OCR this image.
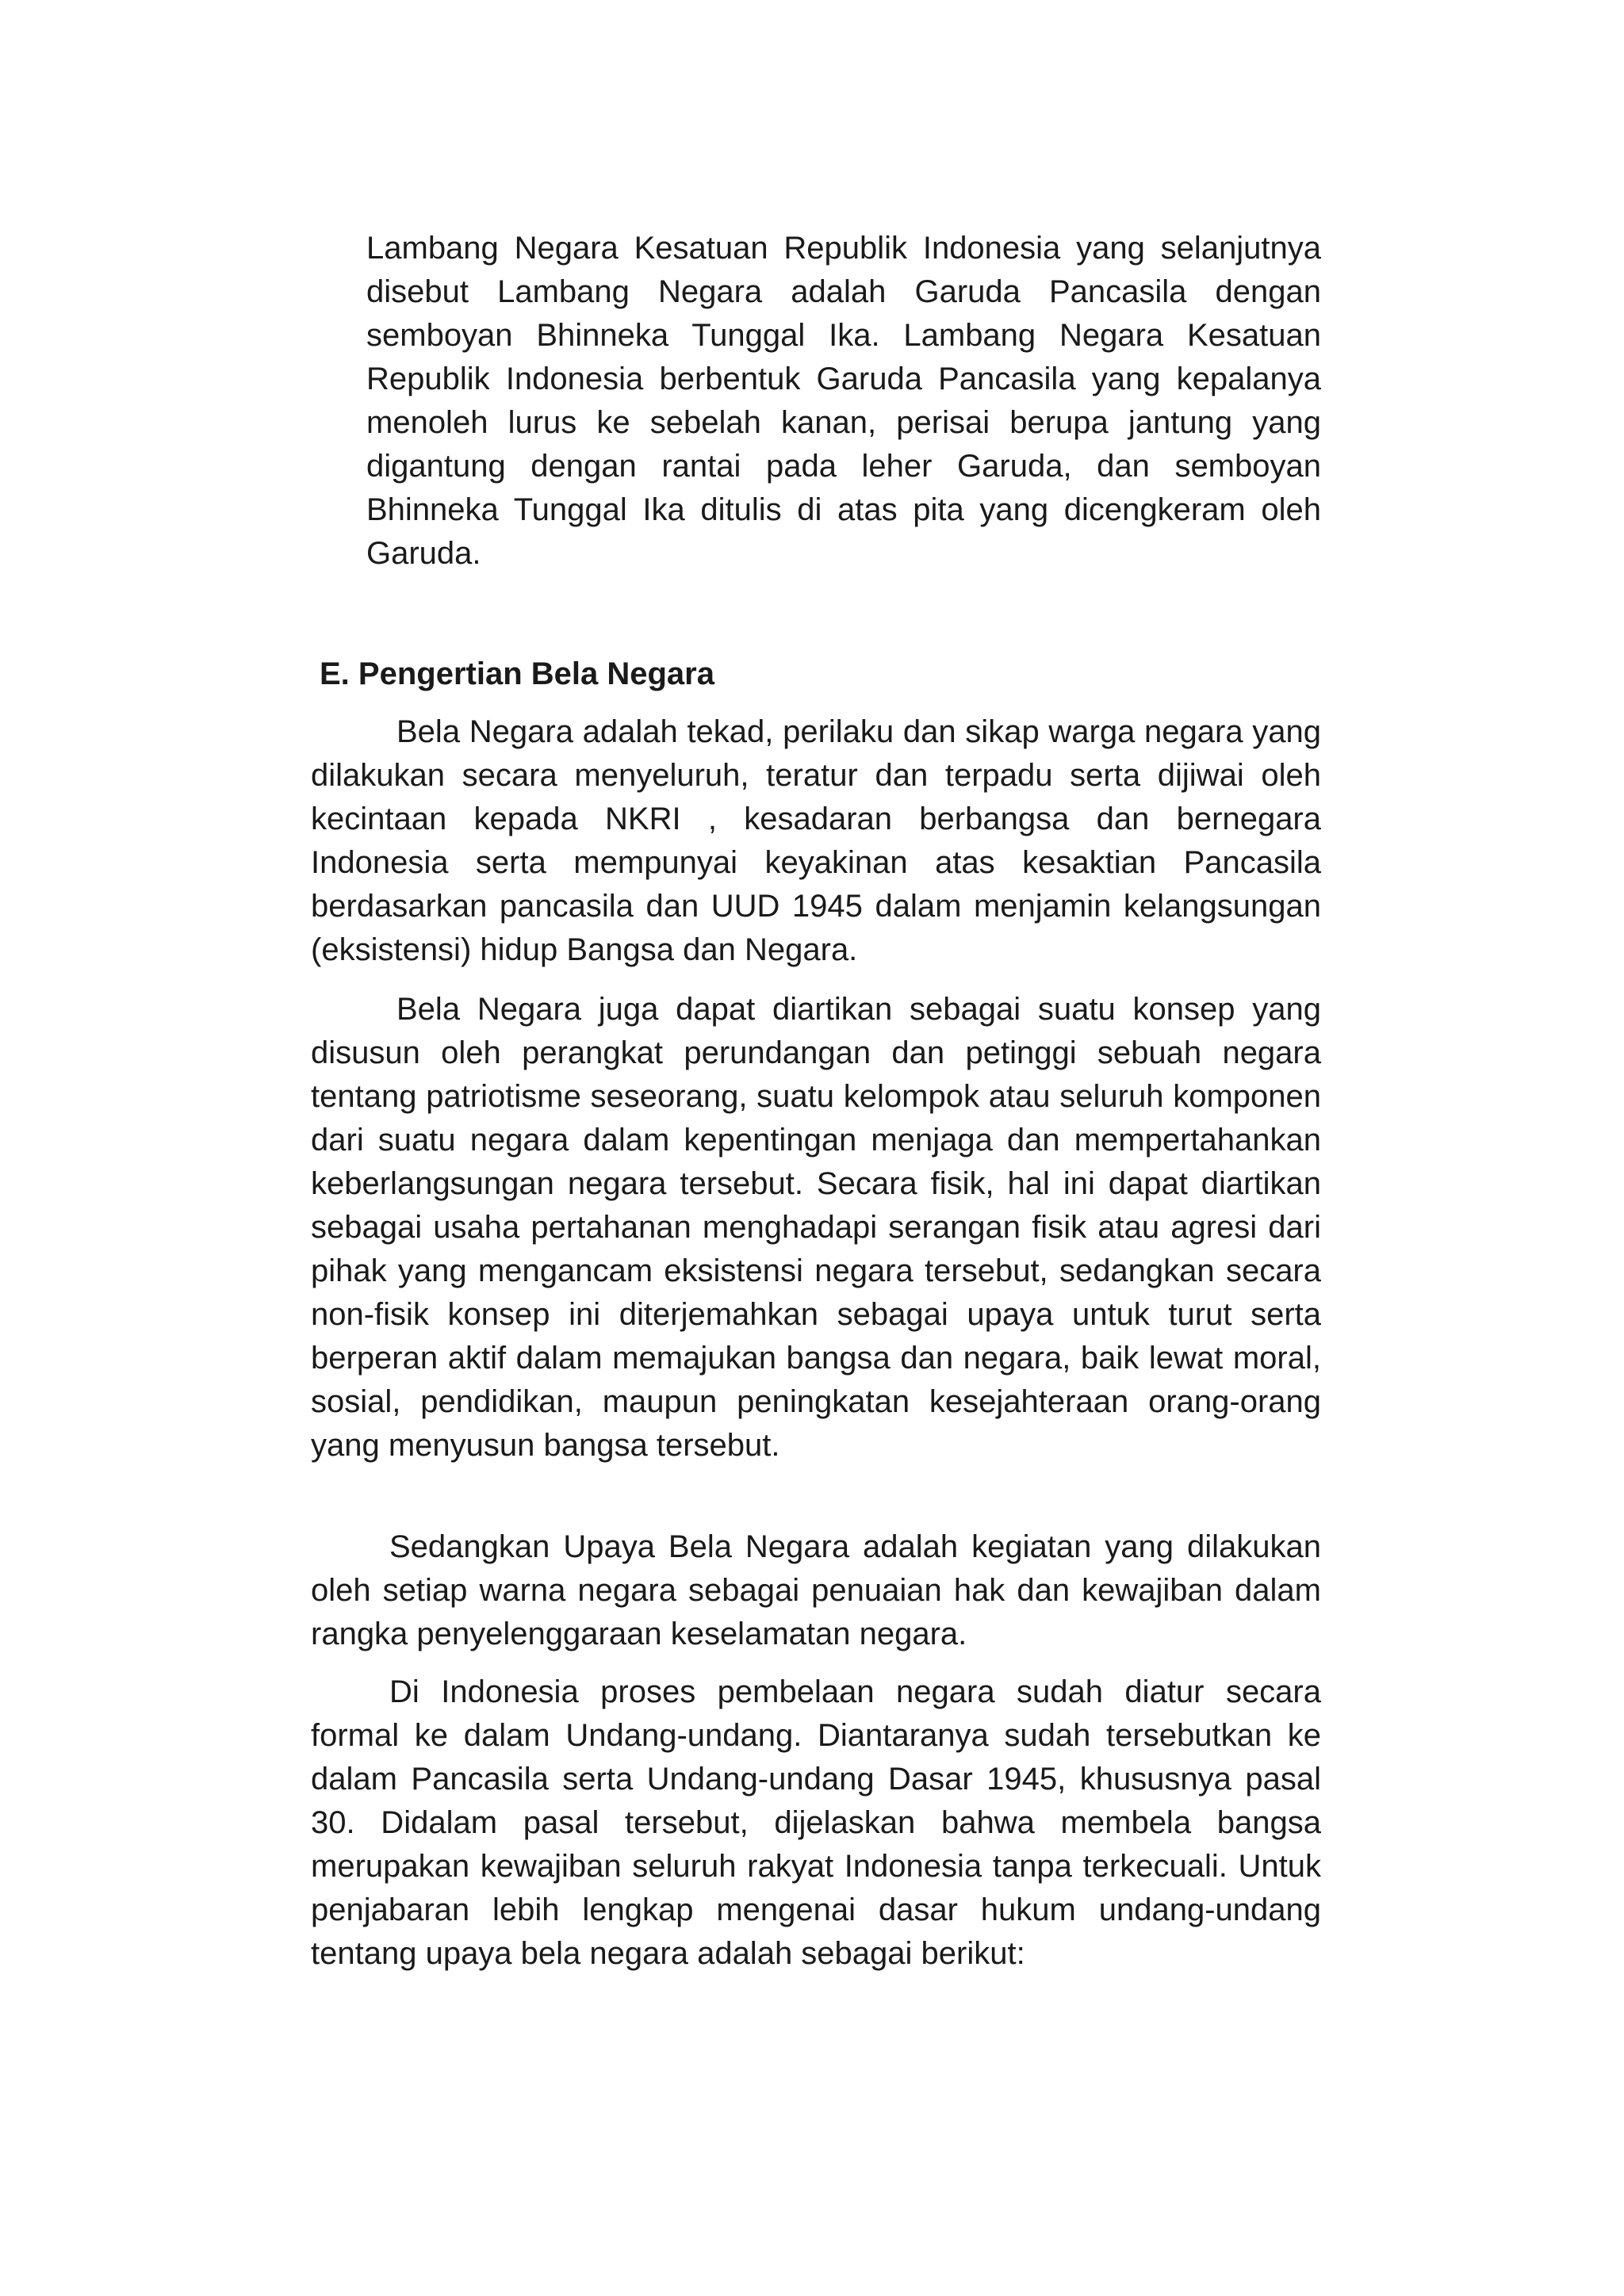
Lambang Negara Kesatuan Republik Indonesia yang selanjutnya disebut Lambang Negara adalah Garuda Pancasila dengan semboyan Bhinneka Tunggal Ika. Lambang Negara Kesatuan Republik Indonesia berbentuk Garuda Pancasila yang kepalanya menoleh lurus ke sebelah kanan, perisai berupa jantung yang digantung dengan rantai pada leher Garuda, dan semboyan Bhinneka Tunggal Ika ditulis di atas pita yang dicengkeram oleh Garuda.

E. Pengertian Bela Negara

Bela Negara adalah tekad, perilaku dan sikap warga negara yang dilakukan secara menyeluruh, teratur dan terpadu serta dijiwai oleh kecintaan kepada NKRI , kesadaran berbangsa dan bernegara Indonesia serta mempunyai keyakinan atas kesaktian Pancasila berdasarkan pancasila dan UUD 1945 dalam menjamin kelangsungan (eksistensi) hidup Bangsa dan Negara.

Bela Negara juga dapat diartikan sebagai suatu konsep yang disusun oleh perangkat perundangan dan petinggi sebuah negara tentang patriotisme seseorang, suatu kelompok atau seluruh komponen dari suatu negara dalam kepentingan menjaga dan mempertahankan keberlangsungan negara tersebut. Secara fisik, hal ini dapat diartikan sebagai usaha pertahanan menghadapi serangan fisik atau agresi dari pihak yang mengancam eksistensi negara tersebut, sedangkan secara non-fisik konsep ini diterjemahkan sebagai upaya untuk turut serta berperan aktif dalam memajukan bangsa dan negara, baik lewat moral, sosial, pendidikan, maupun peningkatan kesejahteraan orang-orang yang menyusun bangsa tersebut.

Sedangkan Upaya Bela Negara adalah kegiatan yang dilakukan oleh setiap warna negara sebagai penuaian hak dan kewajiban dalam rangka penyelenggaraan keselamatan negara.

Di Indonesia proses pembelaan negara sudah diatur secara formal ke dalam Undang-undang. Diantaranya sudah tersebutkan ke dalam Pancasila serta Undang-undang Dasar 1945, khususnya pasal 30. Didalam pasal tersebut, dijelaskan bahwa membela bangsa merupakan kewajiban seluruh rakyat Indonesia tanpa terkecuali. Untuk penjabaran lebih lengkap mengenai dasar hukum undang-undang tentang upaya bela negara adalah sebagai berikut:
